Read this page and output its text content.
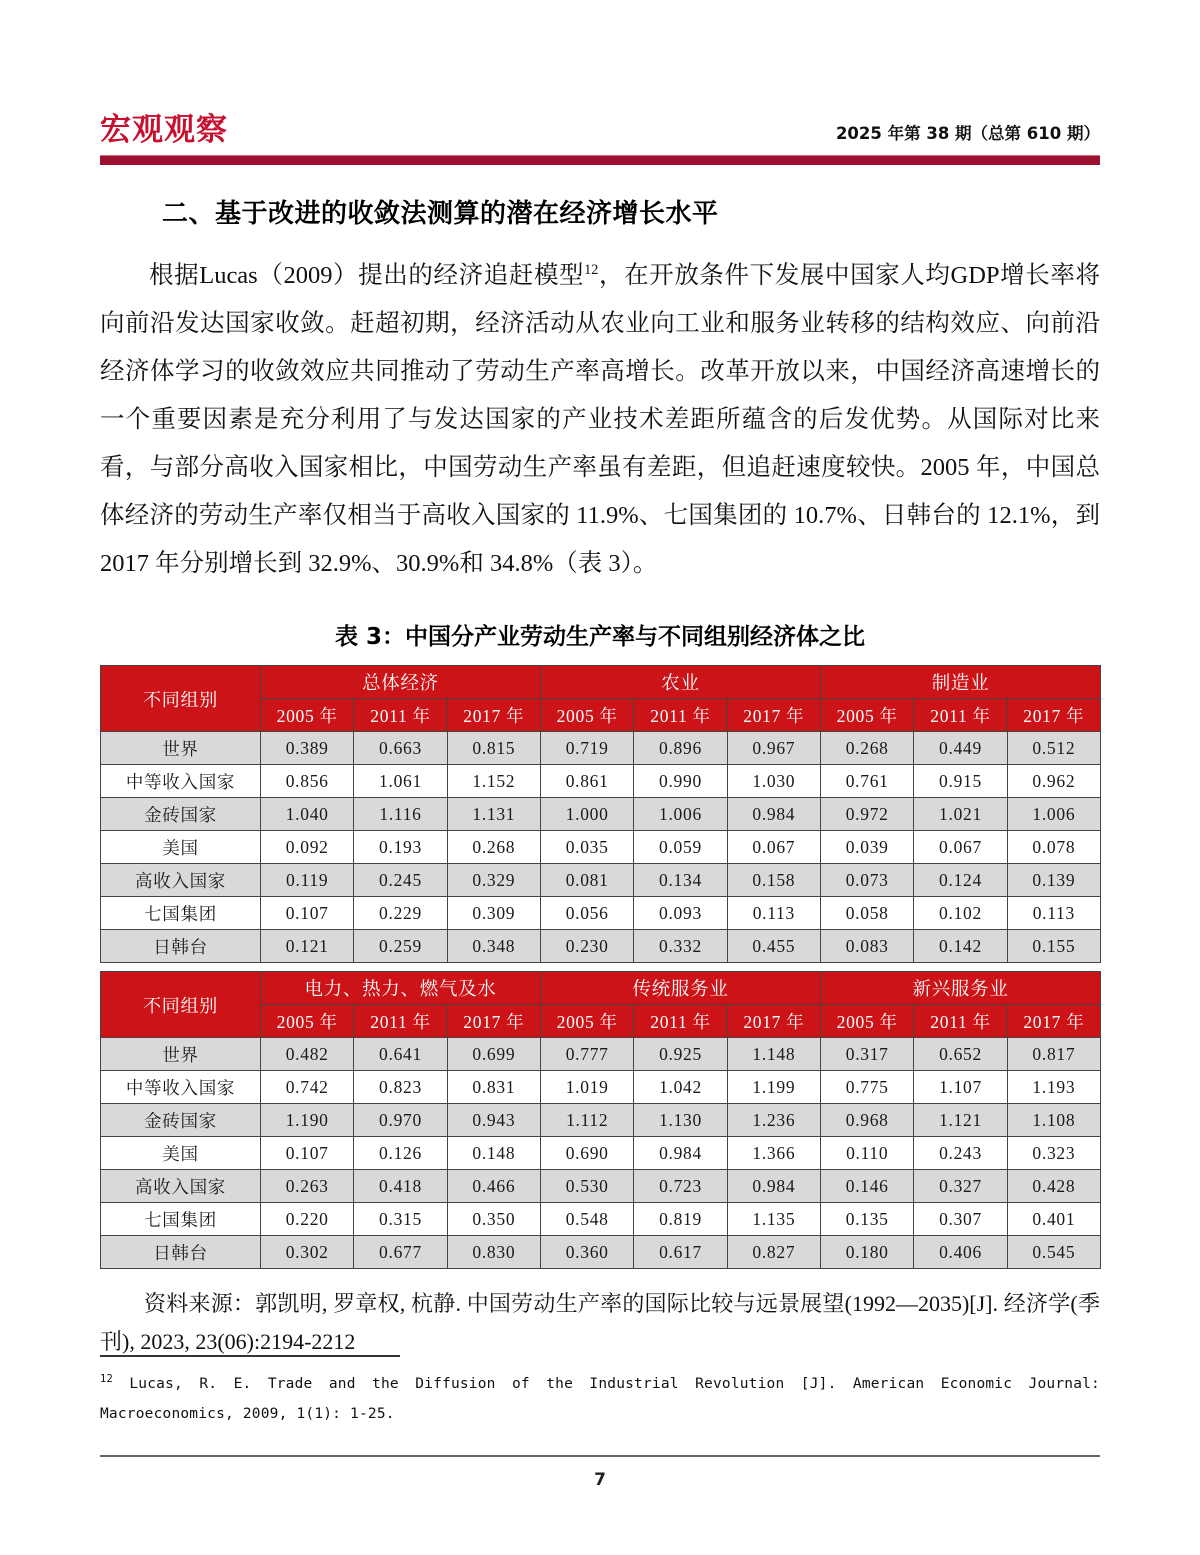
宏观观察	2025 年第 38 期（总第 610 期）
二、基于改进的收敛法测算的潜在经济增长水平

根据Lucas（2009）提出的经济追赶模型$^{12}$，在开放条件下发展中国家人均GDP增长率将向前沿发达国家收敛。赶超初期，经济活动从农业向工业和服务业转移的结构效应、向前沿经济体学习的收敛效应共同推动了劳动生产率高增长。改革开放以来，中国经济高速增长的一个重要因素是充分利用了与发达国家的产业技术差距所蕴含的后发优势。从国际对比来看，与部分高收入国家相比，中国劳动生产率虽有差距，但追赶速度较快。2005 年，中国总体经济的劳动生产率仅相当于高收入国家的 11.9%、七国集团的 10.7%、日韩台的 12.1%，到 2017 年分别增长到 32.9%、30.9%和 34.8%（表 3）。

表 3：中国分产业劳动生产率与不同组别经济体之比
不同组别	总体经济			农业			制造业		
	2005 年	2011 年	2017 年	2005 年	2011 年	2017 年	2005 年	2011 年	2017 年
世界	0.389	0.663	0.815	0.719	0.896	0.967	0.268	0.449	0.512
中等收入国家	0.856	1.061	1.152	0.861	0.990	1.030	0.761	0.915	0.962
金砖国家	1.040	1.116	1.131	1.000	1.006	0.984	0.972	1.021	1.006
美国	0.092	0.193	0.268	0.035	0.059	0.067	0.039	0.067	0.078
高收入国家	0.119	0.245	0.329	0.081	0.134	0.158	0.073	0.124	0.139
七国集团	0.107	0.229	0.309	0.056	0.093	0.113	0.058	0.102	0.113
日韩台	0.121	0.259	0.348	0.230	0.332	0.455	0.083	0.142	0.155
不同组别	电力、热力、燃气及水			传统服务业			新兴服务业		
	2005 年	2011 年	2017 年	2005 年	2011 年	2017 年	2005 年	2011 年	2017 年
世界	0.482	0.641	0.699	0.777	0.925	1.148	0.317	0.652	0.817
中等收入国家	0.742	0.823	0.831	1.019	1.042	1.199	0.775	1.107	1.193
金砖国家	1.190	0.970	0.943	1.112	1.130	1.236	0.968	1.121	1.108
美国	0.107	0.126	0.148	0.690	0.984	1.366	0.110	0.243	0.323
高收入国家	0.263	0.418	0.466	0.530	0.723	0.984	0.146	0.327	0.428
七国集团	0.220	0.315	0.350	0.548	0.819	1.135	0.135	0.307	0.401
日韩台	0.302	0.677	0.830	0.360	0.617	0.827	0.180	0.406	0.545
资料来源：郭凯明, 罗章权, 杭静. 中国劳动生产率的国际比较与远景展望(1992—2035)[J]. 经济学(季刊), 2023, 23(06):2194-2212
$^{12}$ Lucas, R. E. Trade and the Diffusion of the Industrial Revolution [J]. American Economic Journal: Macroeconomics, 2009, 1(1): 1-25.
7
